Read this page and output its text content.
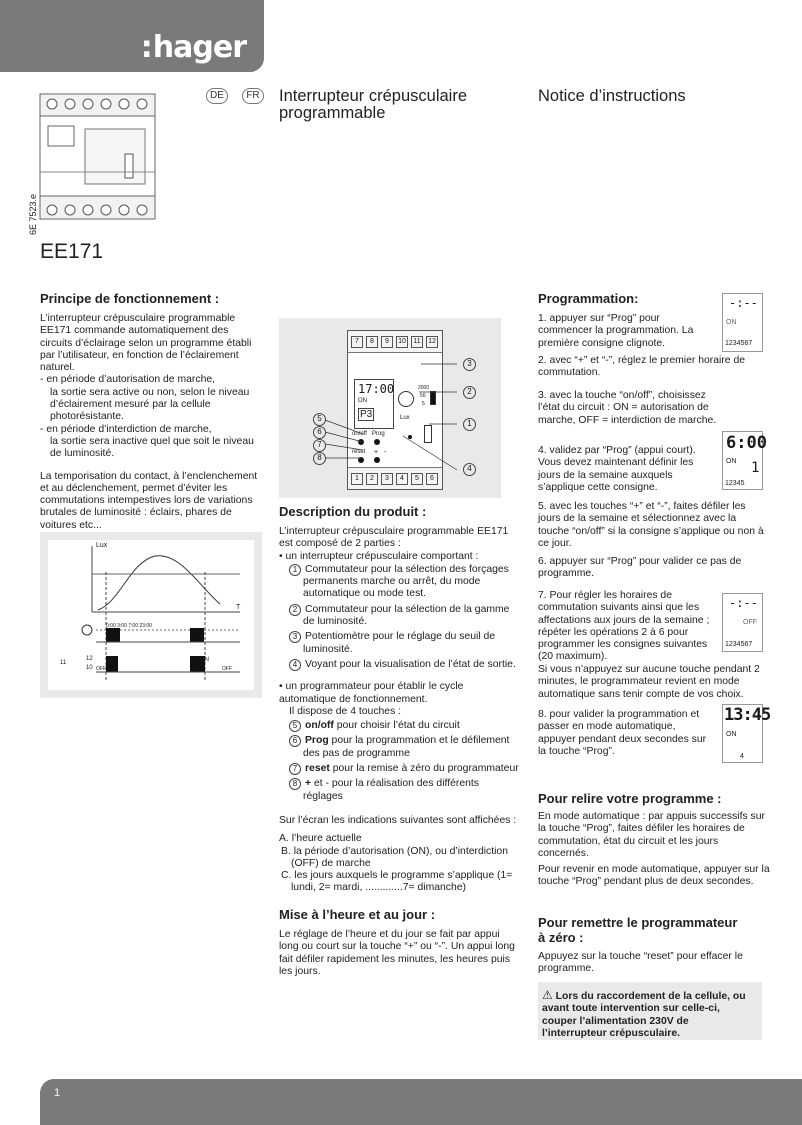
: hager
6E 7523.e
EE171
DE	FR Interrupteur crépusculaire programmable
Notice d’instructions
Principe de fonctionnement :
L’interrupteur crépusculaire programmable EE171 commande automatiquement des circuits d’éclairage selon un programme établi par l’utilisateur, en fonction de l’éclairement naturel.
- en période d’autorisation de marche,
la sortie sera active ou non, selon le niveau d’éclairement mesuré par la cellule photorésistante.
- en période d’interdiction de marche,
la sortie sera inactive quel que soit le niveau de luminosité.
La temporisation du contact, à l’enclenchement et au déclenchement, permet d’éviter les commutations intempestives lors de variations brutales de luminosité : éclairs, phares de voitures etc...
Lux
T
0:00 3:00 7:00 23:00
ON	ON
OFF	OFF
11
12
10
7	8	9	10	11	12
17:00
ON
P3	Lux
2000
50
5
on/off Prog
reset + -
1	2	3	4	5	6
3
2
1
4
5
6
7
8
Description du produit :
L’interrupteur crépusculaire programmable EE171 est composé de 2 parties :
• un interrupteur crépusculaire comportant :
1 Commutateur pour la sélection des forçages permanents marche ou arrêt, du mode automatique ou mode test.
2 Commutateur pour la sélection de la gamme de luminosité.
3 Potentiomètre pour le réglage du seuil de luminosité.
4 Voyant pour la visualisation de l’état de sortie.
• un programmateur pour établir le cycle automatique de fonctionnement.
Il dispose de 4 touches :
5 on/off pour choisir l’état du circuit
6 Prog pour la programmation et le défilement des pas de programme
7 reset pour la remise à zéro du programmateur
8 + et - pour la réalisation des différents réglages
Sur l’écran les indications suivantes sont affichées :
A. l’heure actuelle
B. la période d’autorisation (ON), ou d’interdiction (OFF) de marche
C. les jours auxquels le programme s’applique (1= lundi, 2= mardi, .............7= dimanche)
Mise à l’heure et au jour :
Le réglage de l’heure et du jour se fait par appui long ou court sur la touche “+” ou “-”. Un appui long fait défiler rapidement les minutes, les heures puis les jours.
Programmation:	-:--
ON
1234567
6:00
ON 1
12345
-:--
OFF
1234567
13:45
ON
4
1. appuyer sur “Prog” pour commencer la programmation. La première consigne clignote.
2. avec “+” et “-”, réglez le premier horaire de commutation.
3. avec la touche “on/off”, choisissez l’état du circuit : ON = autorisation de marche, OFF = interdiction de marche.
4. validez par “Prog” (appui court). Vous devez maintenant définir les jours de la semaine auxquels s’applique cette consigne.
5. avec les touches “+” et “-”, faites défiler les jours de la semaine et sélectionnez avec la touche “on/off” si la consigne s’applique ou non à ce jour.
6. appuyer sur “Prog” pour valider ce pas de programme.
7. Pour régler les horaires de commutation suivants ainsi que les affectations aux jours de la semaine ; répéter les opérations 2 à 6 pour programmer les consignes suivantes (20 maximum).
Si vous n’appuyez sur aucune touche pendant 2 minutes, le programmateur revient en mode automatique sans tenir compte de vos choix.
8. pour valider la programmation et passer en mode automatique, appuyer pendant deux secondes sur la touche “Prog”.
Pour relire votre programme :
En mode automatique : par appuis successifs sur la touche “Prog”, faites défiler les horaires de commutation, état du circuit et les jours concernés.
Pour revenir en mode automatique, appuyer sur la touche “Prog” pendant plus de deux secondes.
Pour remettre le programmateur à zéro :
Appuyez sur la touche “reset” pour effacer le programme.
⚠ Lors du raccordement de la cellule, ou avant toute intervention sur celle-ci, couper l’alimentation 230V de l’interrupteur crépusculaire.
1
